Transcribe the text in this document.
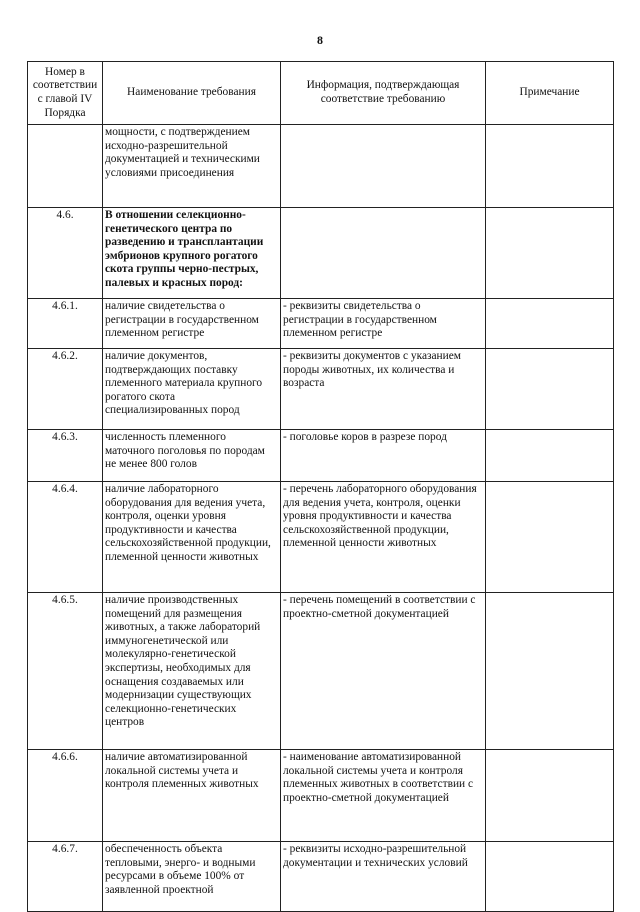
8
Номер в соответствии с главой IV Порядка	Наименование требования	Информация, подтверждающая соответствие требованию	Примечание
	мощности, с подтверждением исходно-разрешительной документацией и техническими условиями присоединения		
4.6.	В отношении селекционно-генетического центра по разведению и трансплантации эмбрионов крупного рогатого скота группы черно-пестрых, палевых и красных пород:		
4.6.1.	наличие свидетельства о регистрации в государственном племенном регистре	- реквизиты свидетельства о регистрации в государственном племенном регистре	
4.6.2.	наличие документов, подтверждающих поставку племенного материала крупного рогатого скота специализированных пород	- реквизиты документов с указанием породы животных, их количества и возраста	
4.6.3.	численность племенного маточного поголовья по породам не менее 800 голов	- поголовье коров в разрезе пород	
4.6.4.	наличие лабораторного оборудования для ведения учета, контроля, оценки уровня продуктивности и качества сельскохозяйственной продукции, племенной ценности животных	- перечень лабораторного оборудования для ведения учета, контроля, оценки уровня продуктивности и качества сельскохозяйственной продукции, племенной ценности животных	
4.6.5.	наличие производственных помещений для размещения животных, а также лабораторий иммуногенетической или молекулярно-генетической экспертизы, необходимых для оснащения создаваемых или модернизации существующих селекционно-генетических центров	- перечень помещений в соответствии с проектно-сметной документацией	
4.6.6.	наличие автоматизированной локальной системы учета и контроля племенных животных	- наименование автоматизированной локальной системы учета и контроля племенных животных в соответствии с проектно-сметной документацией	
4.6.7.	обеспеченность объекта тепловыми, энерго- и водными ресурсами в объеме 100% от заявленной проектной	- реквизиты исходно-разрешительной документации и технических условий	
